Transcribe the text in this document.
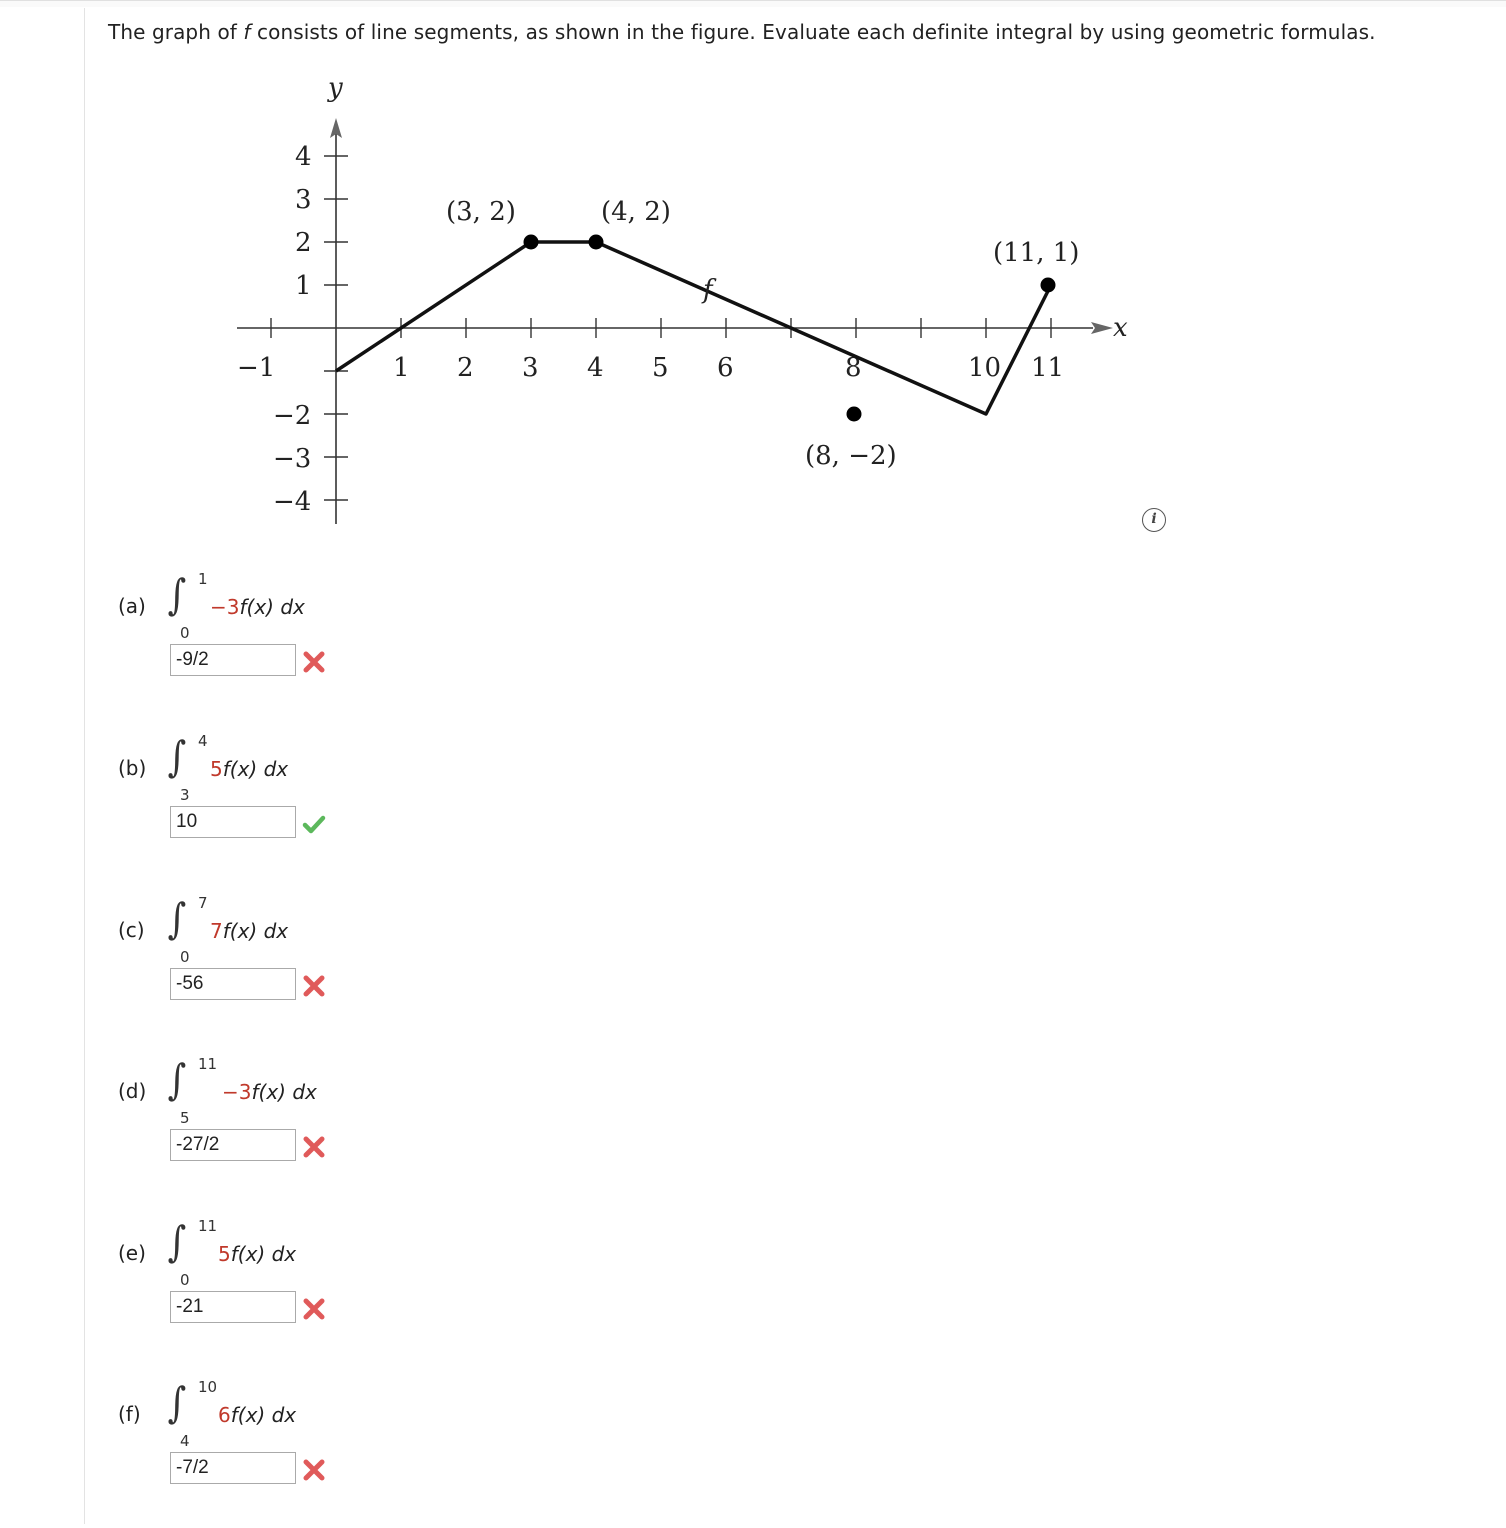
The graph of f consists of line segments, as shown in the figure. Evaluate each definite integral by using geometric formulas.
x
y
−1	1 2 3 4 5 6	8	10 11
4
3
2
1
−2
−3
−4
f
(3, 2)	(4, 2)
(8, −2)
(11, 1)
i
(a) ∫ 1
0
−3f(x) dx
-9/2
(b) ∫ 4
3
5f(x) dx
10
(c) ∫ 7
0
7f(x) dx
-56
(d) ∫ 11
5
−3f(x) dx
-27/2
(e) ∫ 11
0
5f(x) dx
-21
(f) ∫ 10
4
6f(x) dx
-7/2
